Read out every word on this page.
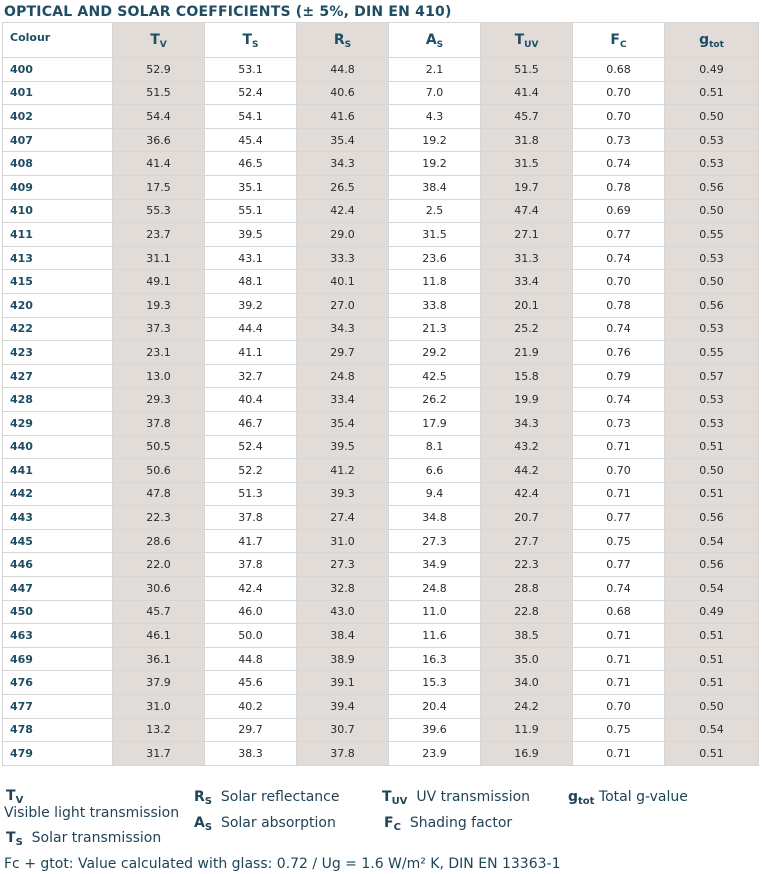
OPTICAL AND SOLAR COEFFICIENTS (± 5%, DIN EN 410)
Colour	$T_V$	$T_S$	$R_S$	$A_S$	$T_{UV}$	$F_C$	$g_{tot}$
400	52.9	53.1	44.8	2.1	51.5	0.68	0.49
401	51.5	52.4	40.6	7.0	41.4	0.70	0.51
402	54.4	54.1	41.6	4.3	45.7	0.70	0.50
407	36.6	45.4	35.4	19.2	31.8	0.73	0.53
408	41.4	46.5	34.3	19.2	31.5	0.74	0.53
409	17.5	35.1	26.5	38.4	19.7	0.78	0.56
410	55.3	55.1	42.4	2.5	47.4	0.69	0.50
411	23.7	39.5	29.0	31.5	27.1	0.77	0.55
413	31.1	43.1	33.3	23.6	31.3	0.74	0.53
415	49.1	48.1	40.1	11.8	33.4	0.70	0.50
420	19.3	39.2	27.0	33.8	20.1	0.78	0.56
422	37.3	44.4	34.3	21.3	25.2	0.74	0.53
423	23.1	41.1	29.7	29.2	21.9	0.76	0.55
427	13.0	32.7	24.8	42.5	15.8	0.79	0.57
428	29.3	40.4	33.4	26.2	19.9	0.74	0.53
429	37.8	46.7	35.4	17.9	34.3	0.73	0.53
440	50.5	52.4	39.5	8.1	43.2	0.71	0.51
441	50.6	52.2	41.2	6.6	44.2	0.70	0.50
442	47.8	51.3	39.3	9.4	42.4	0.71	0.51
443	22.3	37.8	27.4	34.8	20.7	0.77	0.56
445	28.6	41.7	31.0	27.3	27.7	0.75	0.54
446	22.0	37.8	27.3	34.9	22.3	0.77	0.56
447	30.6	42.4	32.8	24.8	28.8	0.74	0.54
450	45.7	46.0	43.0	11.0	22.8	0.68	0.49
463	46.1	50.0	38.4	11.6	38.5	0.71	0.51
469	36.1	44.8	38.9	16.3	35.0	0.71	0.51
476	37.9	45.6	39.1	15.3	34.0	0.71	0.51
477	31.0	40.2	39.4	20.4	24.2	0.70	0.50
478	13.2	29.7	30.7	39.6	11.9	0.75	0.54
479	31.7	38.3	37.8	23.9	16.9	0.71	0.51
$T_V$
Visible light transmission
$T_S$ Solar transmission
$R_S$ Solar reflectance
$A_S$ Solar absorption
$T_{UV}$ UV transmission
$F_C$ Shading factor
$g_{tot}$ Total g-value
Fc + gtot: Value calculated with glass: 0.72 / Ug = 1.6 W/m² K, DIN EN 13363-1
